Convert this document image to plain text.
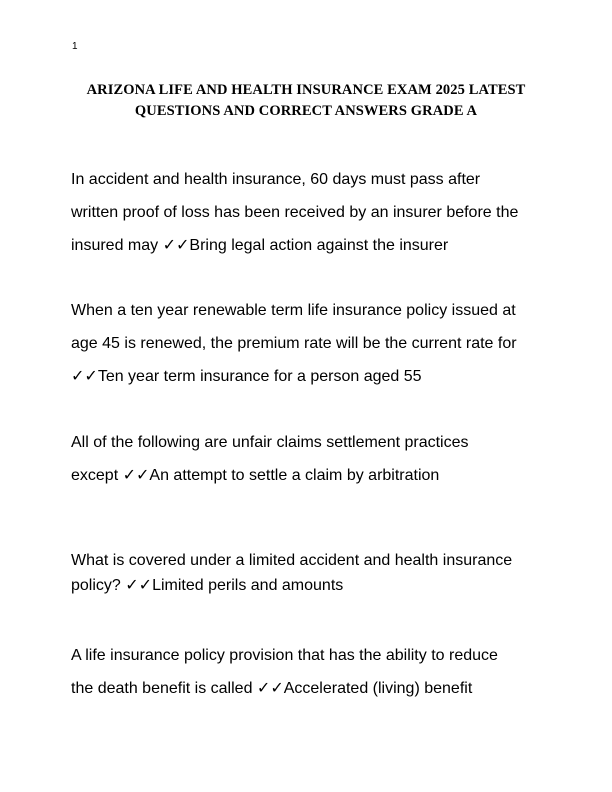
1
ARIZONA LIFE AND HEALTH INSURANCE EXAM 2025 LATEST
QUESTIONS AND CORRECT ANSWERS GRADE A

In accident and health insurance, 60 days must pass after
written proof of loss has been received by an insurer before the
insured may ✓✓Bring legal action against the insurer

When a ten year renewable term life insurance policy issued at
age 45 is renewed, the premium rate will be the current rate for
✓✓Ten year term insurance for a person aged 55

All of the following are unfair claims settlement practices
except ✓✓An attempt to settle a claim by arbitration

What is covered under a limited accident and health insurance
policy? ✓✓Limited perils and amounts

A life insurance policy provision that has the ability to reduce
the death benefit is called ✓✓Accelerated (living) benefit
